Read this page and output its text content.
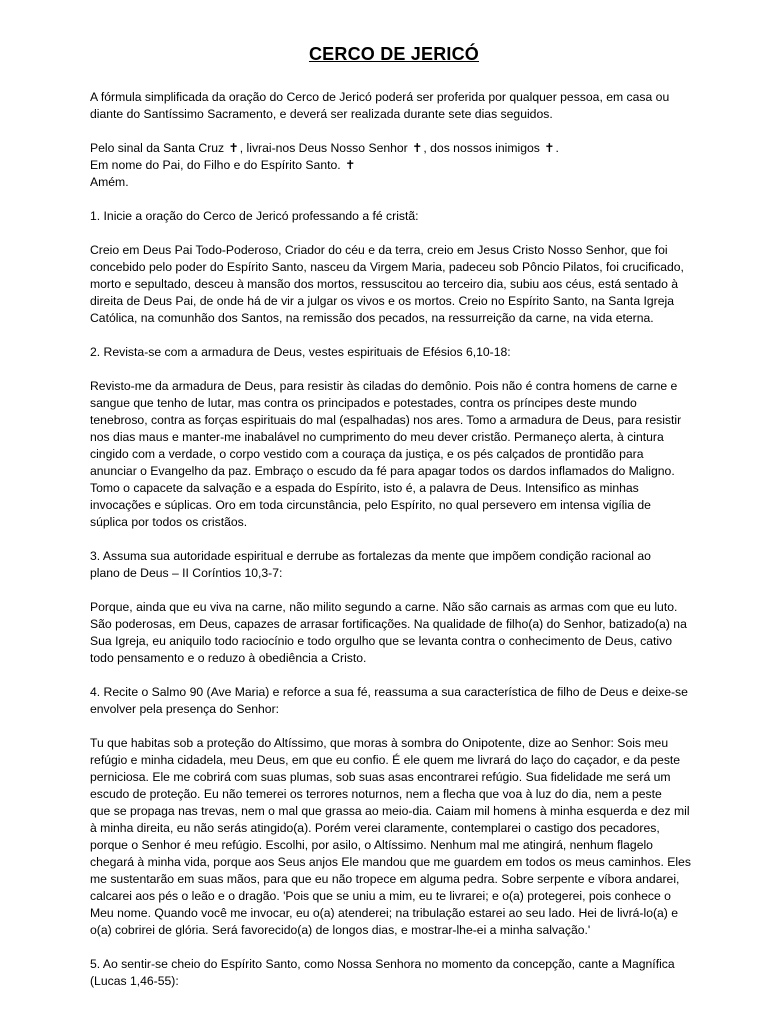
CERCO DE JERICÓ
A fórmula simplificada da oração do Cerco de Jericó poderá ser proferida por qualquer pessoa, em casa ou
diante do Santíssimo Sacramento, e deverá ser realizada durante sete dias seguidos.
Pelo sinal da Santa Cruz ✝, livrai-nos Deus Nosso Senhor ✝, dos nossos inimigos ✝.
Em nome do Pai, do Filho e do Espírito Santo. ✝
Amém.
1. Inicie a oração do Cerco de Jericó professando a fé cristã:
Creio em Deus Pai Todo-Poderoso, Criador do céu e da terra, creio em Jesus Cristo Nosso Senhor, que foi
concebido pelo poder do Espírito Santo, nasceu da Virgem Maria, padeceu sob Pôncio Pilatos, foi crucificado,
morto e sepultado, desceu à mansão dos mortos, ressuscitou ao terceiro dia, subiu aos céus, está sentado à
direita de Deus Pai, de onde há de vir a julgar os vivos e os mortos. Creio no Espírito Santo, na Santa Igreja
Católica, na comunhão dos Santos, na remissão dos pecados, na ressurreição da carne, na vida eterna.
2. Revista-se com a armadura de Deus, vestes espirituais de Efésios 6,10-18:
Revisto-me da armadura de Deus, para resistir às ciladas do demônio. Pois não é contra homens de carne e
sangue que tenho de lutar, mas contra os principados e potestades, contra os príncipes deste mundo
tenebroso, contra as forças espirituais do mal (espalhadas) nos ares. Tomo a armadura de Deus, para resistir
nos dias maus e manter-me inabalável no cumprimento do meu dever cristão. Permaneço alerta, à cintura
cingido com a verdade, o corpo vestido com a couraça da justiça, e os pés calçados de prontidão para
anunciar o Evangelho da paz. Embraço o escudo da fé para apagar todos os dardos inflamados do Maligno.
Tomo o capacete da salvação e a espada do Espírito, isto é, a palavra de Deus. Intensifico as minhas
invocações e súplicas. Oro em toda circunstância, pelo Espírito, no qual persevero em intensa vigília de
súplica por todos os cristãos.
3. Assuma sua autoridade espiritual e derrube as fortalezas da mente que impõem condição racional ao
plano de Deus – II Coríntios 10,3-7:
Porque, ainda que eu viva na carne, não milito segundo a carne. Não são carnais as armas com que eu luto.
São poderosas, em Deus, capazes de arrasar fortificações. Na qualidade de filho(a) do Senhor, batizado(a) na
Sua Igreja, eu aniquilo todo raciocínio e todo orgulho que se levanta contra o conhecimento de Deus, cativo
todo pensamento e o reduzo à obediência a Cristo.
4. Recite o Salmo 90 (Ave Maria) e reforce a sua fé, reassuma a sua característica de filho de Deus e deixe-se
envolver pela presença do Senhor:
Tu que habitas sob a proteção do Altíssimo, que moras à sombra do Onipotente, dize ao Senhor: Sois meu
refúgio e minha cidadela, meu Deus, em que eu confio. É ele quem me livrará do laço do caçador, e da peste
perniciosa. Ele me cobrirá com suas plumas, sob suas asas encontrarei refúgio. Sua fidelidade me será um
escudo de proteção. Eu não temerei os terrores noturnos, nem a flecha que voa à luz do dia, nem a peste
que se propaga nas trevas, nem o mal que grassa ao meio-dia. Caiam mil homens à minha esquerda e dez mil
à minha direita, eu não serás atingido(a). Porém verei claramente, contemplarei o castigo dos pecadores,
porque o Senhor é meu refúgio. Escolhi, por asilo, o Altíssimo. Nenhum mal me atingirá, nenhum flagelo
chegará à minha vida, porque aos Seus anjos Ele mandou que me guardem em todos os meus caminhos. Eles
me sustentarão em suas mãos, para que eu não tropece em alguma pedra. Sobre serpente e víbora andarei,
calcarei aos pés o leão e o dragão. 'Pois que se uniu a mim, eu te livrarei; e o(a) protegerei, pois conhece o
Meu nome. Quando você me invocar, eu o(a) atenderei; na tribulação estarei ao seu lado. Hei de livrá-lo(a) e
o(a) cobrirei de glória. Será favorecido(a) de longos dias, e mostrar-lhe-ei a minha salvação.'
5. Ao sentir-se cheio do Espírito Santo, como Nossa Senhora no momento da concepção, cante a Magnífica
(Lucas 1,46-55):
